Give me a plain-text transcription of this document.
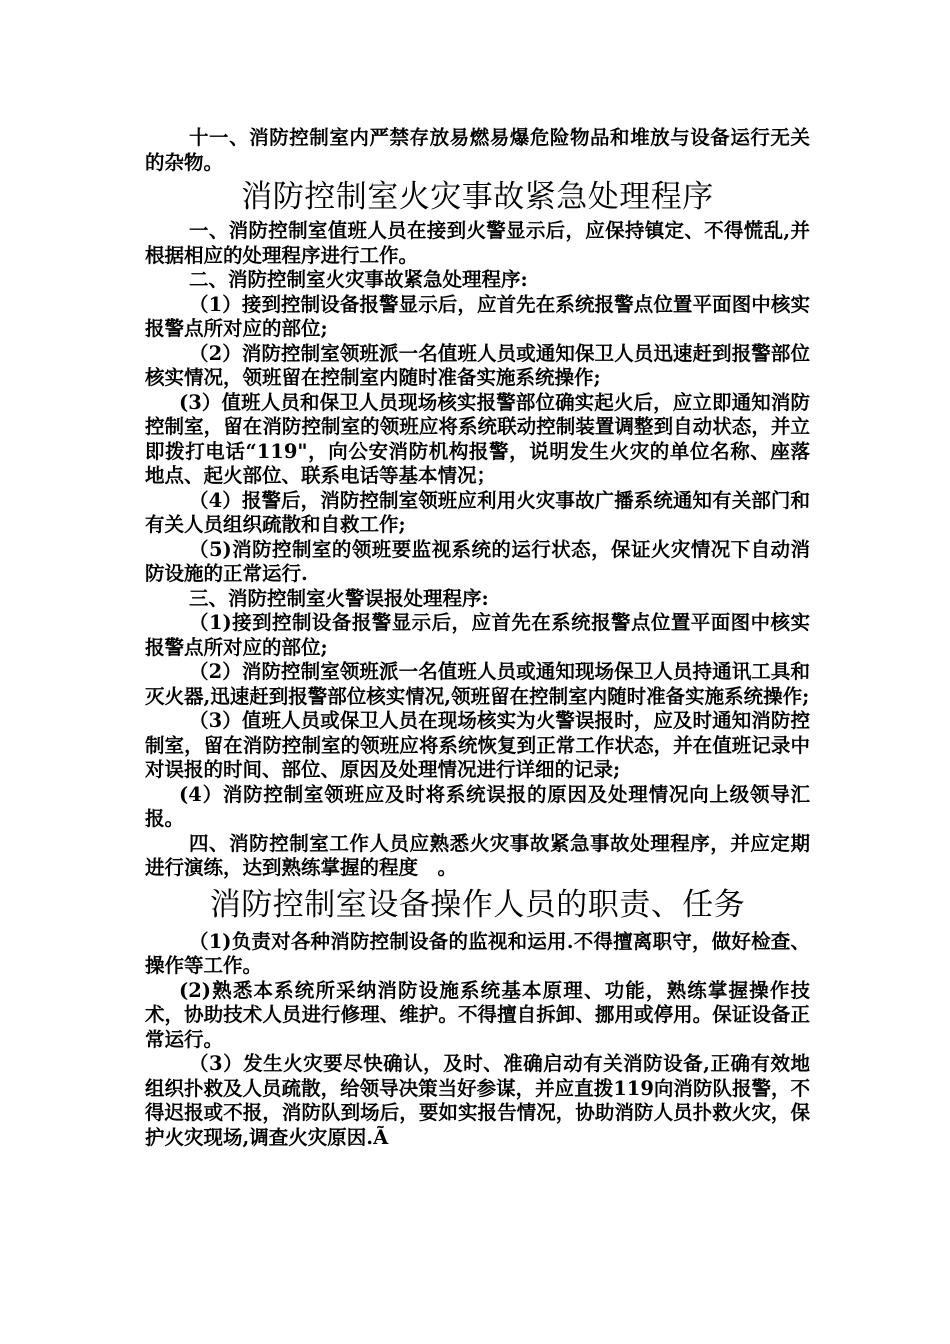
十一、消防控制室内严禁存放易燃易爆危险物品和堆放与设备运行无关的杂物。

消防控制室火灾事故紧急处理程序

一、消防控制室值班人员在接到火警显示后，应保持镇定、不得慌乱,并根据相应的处理程序进行工作。

二、消防控制室火灾事故紧急处理程序:

（1）接到控制设备报警显示后，应首先在系统报警点位置平面图中核实报警点所对应的部位;

（2）消防控制室领班派一名值班人员或通知保卫人员迅速赶到报警部位核实情况，领班留在控制室内随时准备实施系统操作;

(3）值班人员和保卫人员现场核实报警部位确实起火后，应立即通知消防控制室，留在消防控制室的领班应将系统联动控制装置调整到自动状态，并立即拨打电话“119"，向公安消防机构报警，说明发生火灾的单位名称、座落地点、起火部位、联系电话等基本情况；

（4）报警后，消防控制室领班应利用火灾事故广播系统通知有关部门和有关人员组织疏散和自救工作;

（5)消防控制室的领班要监视系统的运行状态，保证火灾情况下自动消防设施的正常运行.

三、消防控制室火警误报处理程序:

（1)接到控制设备报警显示后，应首先在系统报警点位置平面图中核实报警点所对应的部位;

（2）消防控制室领班派一名值班人员或通知现场保卫人员持通讯工具和灭火器,迅速赶到报警部位核实情况,领班留在控制室内随时准备实施系统操作;

（3）值班人员或保卫人员在现场核实为火警误报时，应及时通知消防控制室，留在消防控制室的领班应将系统恢复到正常工作状态，并在值班记录中对误报的时间、部位、原因及处理情况进行详细的记录;

(4）消防控制室领班应及时将系统误报的原因及处理情况向上级领导汇报。

四、消防控制室工作人员应熟悉火灾事故紧急事故处理程序，并应定期进行演练，达到熟练掌握的程度　。

消防控制室设备操作人员的职责、任务

（1)负责对各种消防控制设备的监视和运用.不得擅离职守，做好检查、操作等工作。

(2)熟悉本系统所采纳消防设施系统基本原理、功能，熟练掌握操作技术，协助技术人员进行修理、维护。不得擅自拆卸、挪用或停用。保证设备正常运行。

（3）发生火灾要尽快确认，及时、准确启动有关消防设备,正确有效地组织扑救及人员疏散，给领导决策当好参谋，并应直拨119向消防队报警，不得迟报或不报，消防队到场后，要如实报告情况，协助消防人员扑救火灾，保护火灾现场,调查火灾原因.Ã
